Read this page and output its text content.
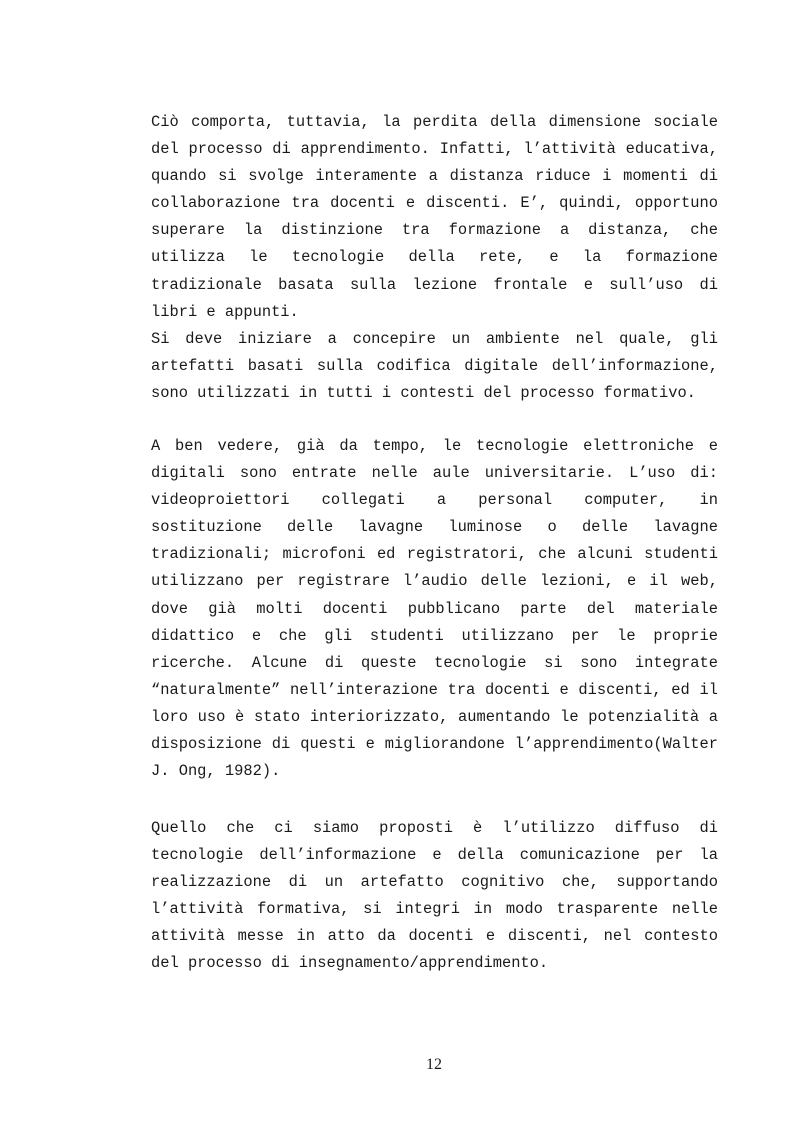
Ciò comporta, tuttavia, la perdita della dimensione sociale del processo di apprendimento. Infatti, l’attività educativa, quando si svolge interamente a distanza riduce i momenti di collaborazione tra docenti e discenti. E’, quindi, opportuno superare la distinzione tra formazione a distanza, che utilizza le tecnologie della rete, e la formazione tradizionale basata sulla lezione frontale e sull’uso di libri e appunti.

Si deve iniziare a concepire un ambiente nel quale, gli artefatti basati sulla codifica digitale dell’informazione, sono utilizzati in tutti i contesti del processo formativo.

A ben vedere, già da tempo, le tecnologie elettroniche e digitali sono entrate nelle aule universitarie. L’uso di: videoproiettori collegati a personal computer, in sostituzione delle lavagne luminose o delle lavagne tradizionali; microfoni ed registratori, che alcuni studenti utilizzano per registrare l’audio delle lezioni, e il web, dove già molti docenti pubblicano parte del materiale didattico e che gli studenti utilizzano per le proprie ricerche. Alcune di queste tecnologie si sono integrate “naturalmente” nell’interazione tra docenti e discenti, ed il loro uso è stato interiorizzato, aumentando le potenzialità a disposizione di questi e migliorandone l’apprendimento(Walter J. Ong, 1982).

Quello che ci siamo proposti è l’utilizzo diffuso di tecnologie dell’informazione e della comunicazione per la realizzazione di un artefatto cognitivo che, supportando l’attività formativa, si integri in modo trasparente nelle attività messe in atto da docenti e discenti, nel contesto del processo di insegnamento/apprendimento.

12
